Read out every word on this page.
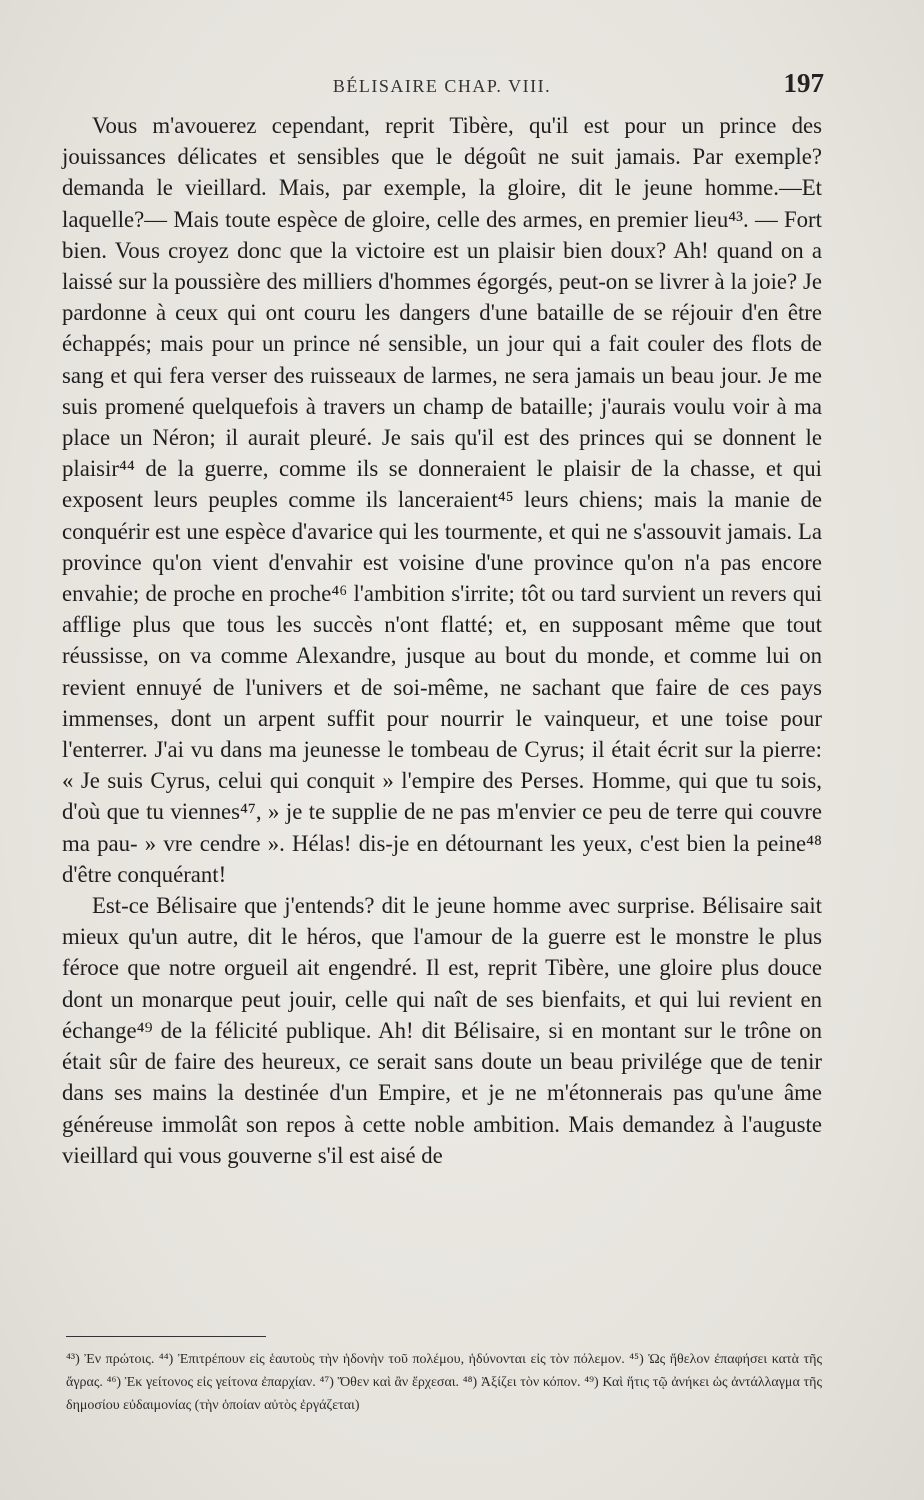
BÉLISAIRE CHAP. VIII.	197

Vous m'avouerez cependant, reprit Tibère, qu'il est pour un prince des jouissances délicates et sensibles que le dégoût ne suit jamais. Par exemple? demanda le vieillard. Mais, par exemple, la gloire, dit le jeune homme.—Et laquelle?— Mais toute espèce de gloire, celle des armes, en premier lieu⁴³. — Fort bien. Vous croyez donc que la victoire est un plaisir bien doux? Ah! quand on a laissé sur la poussière des milliers d'hommes égorgés, peut-on se livrer à la joie? Je pardonne à ceux qui ont couru les dangers d'une bataille de se réjouir d'en être échappés; mais pour un prince né sensible, un jour qui a fait couler des flots de sang et qui fera verser des ruisseaux de larmes, ne sera jamais un beau jour. Je me suis promené quelquefois à travers un champ de bataille; j'aurais voulu voir à ma place un Néron; il aurait pleuré. Je sais qu'il est des princes qui se donnent le plaisir⁴⁴ de la guerre, comme ils se donneraient le plaisir de la chasse, et qui exposent leurs peuples comme ils lanceraient⁴⁵ leurs chiens; mais la manie de conquérir est une espèce d'avarice qui les tourmente, et qui ne s'assouvit jamais. La province qu'on vient d'envahir est voisine d'une province qu'on n'a pas encore envahie; de proche en proche⁴⁶ l'ambition s'irrite; tôt ou tard survient un revers qui afflige plus que tous les succès n'ont flatté; et, en supposant même que tout réussisse, on va comme Alexandre, jusque au bout du monde, et comme lui on revient ennuyé de l'univers et de soi-même, ne sachant que faire de ces pays immenses, dont un arpent suffit pour nourrir le vainqueur, et une toise pour l'enterrer. J'ai vu dans ma jeunesse le tombeau de Cyrus; il était écrit sur la pierre: « Je suis Cyrus, celui qui conquit » l'empire des Perses. Homme, qui que tu sois, d'où que tu viennes⁴⁷, » je te supplie de ne pas m'envier ce peu de terre qui couvre ma pau- » vre cendre ». Hélas! dis-je en détournant les yeux, c'est bien la peine⁴⁸ d'être conquérant!

Est-ce Bélisaire que j'entends? dit le jeune homme avec surprise. Bélisaire sait mieux qu'un autre, dit le héros, que l'amour de la guerre est le monstre le plus féroce que notre orgueil ait engendré. Il est, reprit Tibère, une gloire plus douce dont un monarque peut jouir, celle qui naît de ses bienfaits, et qui lui revient en échange⁴⁹ de la félicité publique. Ah! dit Bélisaire, si en montant sur le trône on était sûr de faire des heureux, ce serait sans doute un beau privilége que de tenir dans ses mains la destinée d'un Empire, et je ne m'étonnerais pas qu'une âme généreuse immolât son repos à cette noble ambition. Mais demandez à l'auguste vieillard qui vous gouverne s'il est aisé de

⁴³) Ἐν πρώτοις. ⁴⁴) Ἐπιτρέπουν εἰς ἑαυτοὺς τὴν ἡδονὴν τοῦ πολέμου, ἡδύνονται εἰς τὸν πόλεμον. ⁴⁵) Ὡς ἤθελον ἐπαφήσει κατὰ τῆς ἄγρας. ⁴⁶) Ἐκ γείτονος εἰς γείτονα ἐπαρχίαν. ⁴⁷) Ὅθεν καὶ ἂν ἔρχεσαι. ⁴⁸) Ἀξίζει τὸν κόπον. ⁴⁹) Καὶ ἥτις τῷ ἀνήκει ὡς ἀντάλλαγμα τῆς δημοσίου εὐδαιμονίας (τὴν ὁποίαν αὐτὸς ἐργάζεται)
